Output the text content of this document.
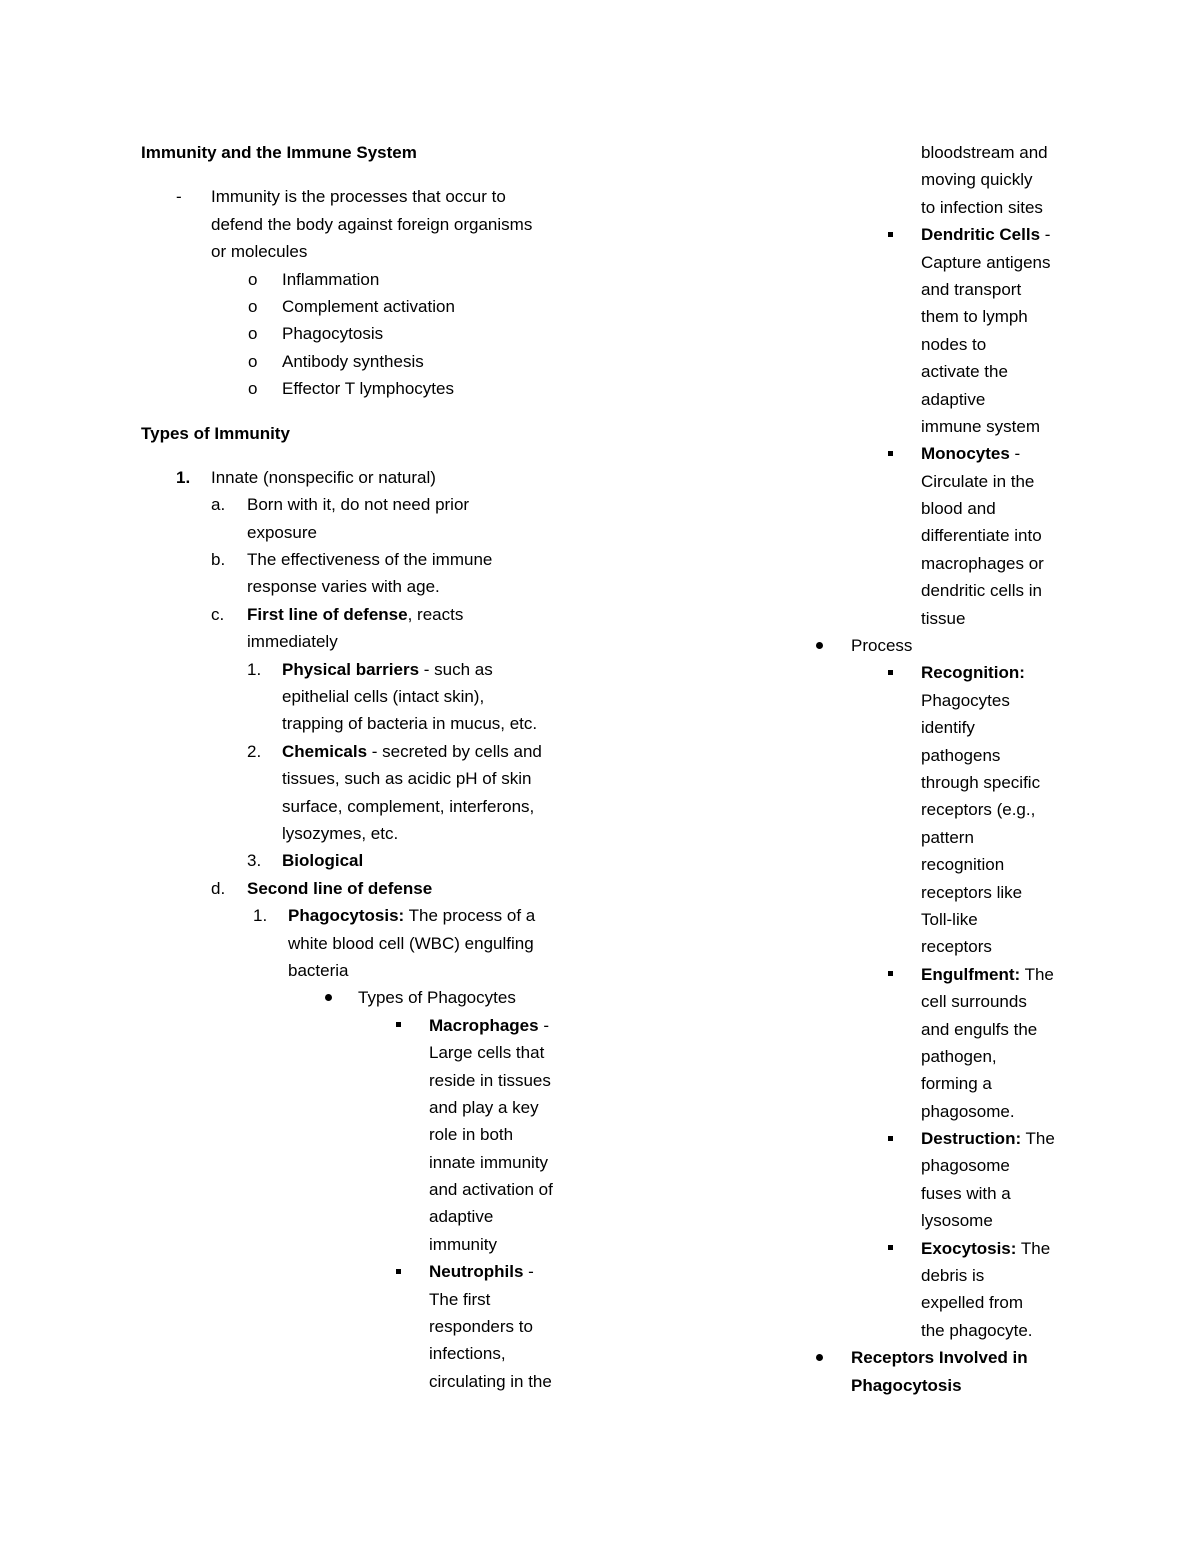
Immunity and the Immune System
- Immunity is the processes that occur to
defend the body against foreign organisms
or molecules
o Inflammation
o Complement activation
o Phagocytosis
o Antibody synthesis
o Effector T lymphocytes
Types of Immunity
1. Innate (nonspecific or natural)
a. Born with it, do not need prior
exposure
b. The effectiveness of the immune
response varies with age.
c. First line of defense, reacts
immediately
1. Physical barriers - such as
epithelial cells (intact skin),
trapping of bacteria in mucus, etc.
2. Chemicals - secreted by cells and
tissues, such as acidic pH of skin
surface, complement, interferons,
lysozymes, etc.
3. Biological
d. Second line of defense
1. Phagocytosis: The process of a
white blood cell (WBC) engulfing
bacteria
Types of Phagocytes
Macrophages -
Large cells that
reside in tissues
and play a key
role in both
innate immunity
and activation of
adaptive
immunity
Neutrophils -
The first
responders to
infections,
circulating in the
bloodstream and
moving quickly
to infection sites
Dendritic Cells -
Capture antigens
and transport
them to lymph
nodes to
activate the
adaptive
immune system
Monocytes -
Circulate in the
blood and
differentiate into
macrophages or
dendritic cells in
tissue
Process
Recognition:
Phagocytes
identify
pathogens
through specific
receptors (e.g.,
pattern
recognition
receptors like
Toll-like
receptors
Engulfment: The
cell surrounds
and engulfs the
pathogen,
forming a
phagosome.
Destruction: The
phagosome
fuses with a
lysosome
Exocytosis: The
debris is
expelled from
the phagocyte.
Receptors Involved in
Phagocytosis
